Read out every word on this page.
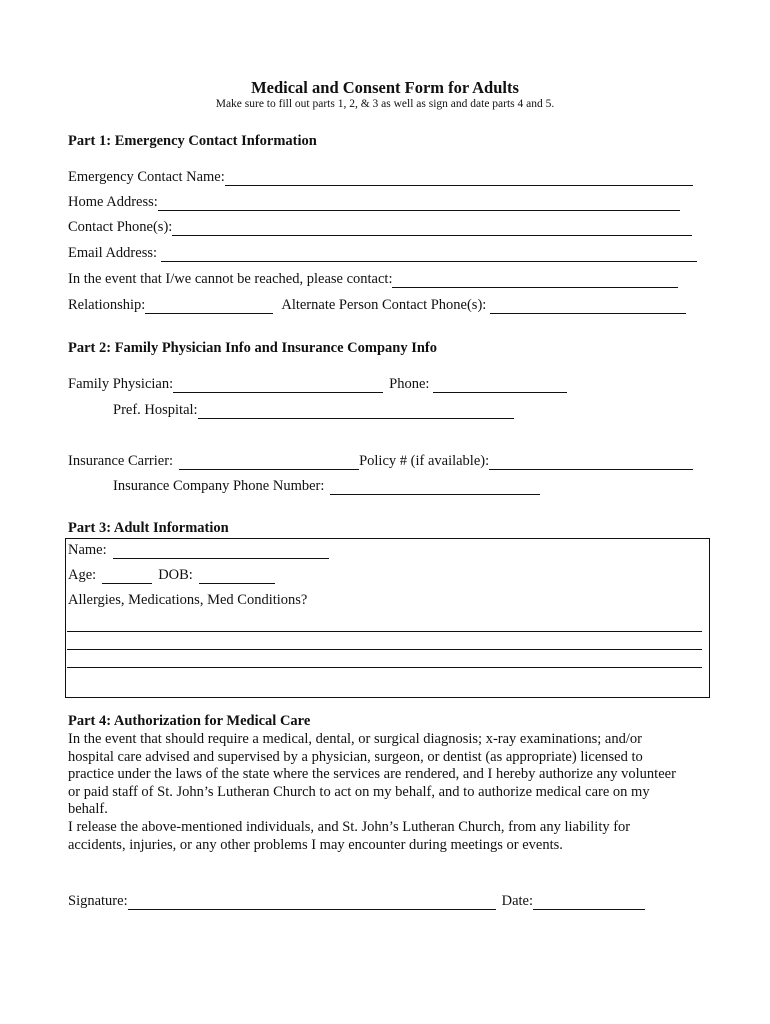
Medical and Consent Form for Adults
Make sure to fill out parts 1, 2, & 3 as well as sign and date parts 4 and 5.
Part 1: Emergency Contact Information
Emergency Contact Name:
Home Address:
Contact Phone(s):
Email Address:
In the event that I/we cannot be reached, please contact:
Relationship:	Alternate Person Contact Phone(s):
Part 2: Family Physician Info and Insurance Company Info
Family Physician:	Phone:
Pref. Hospital:
Insurance Carrier:	Policy # (if available):
Insurance Company Phone Number:
Part 3: Adult Information
Name:
Age:	DOB:
Allergies, Medications, Med Conditions?
Part 4: Authorization for Medical Care
In the event that should require a medical, dental, or surgical diagnosis; x-ray examinations; and/or
hospital care advised and supervised by a physician, surgeon, or dentist (as appropriate) licensed to
practice under the laws of the state where the services are rendered, and I hereby authorize any volunteer
or paid staff of St. John’s Lutheran Church to act on my behalf, and to authorize medical care on my
behalf.
I release the above-mentioned individuals, and St. John’s Lutheran Church, from any liability for
accidents, injuries, or any other problems I may encounter during meetings or events.
Signature:	Date:
